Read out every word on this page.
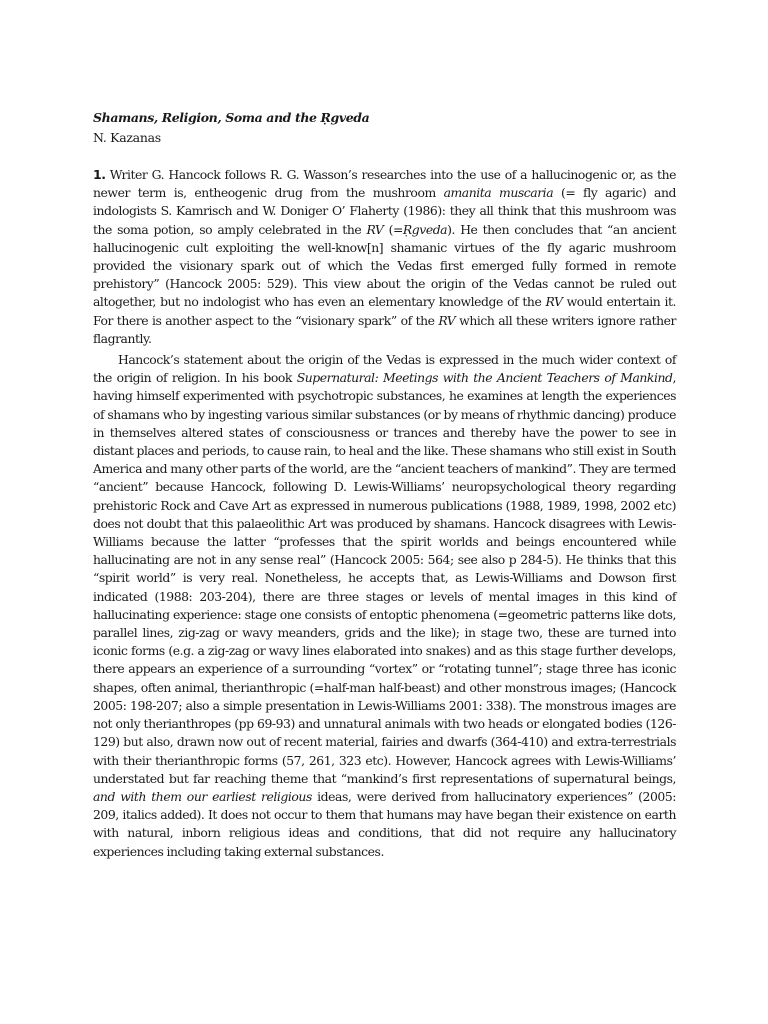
Shamans, Religion, Soma and the Ṛgveda
N. Kazanas

1. Writer G. Hancock follows R. G. Wasson’s researches into the use of a hallucinogenic or, as the newer term is, entheogenic drug from the mushroom amanita muscaria (= fly agaric) and indologists S. Kamrisch and W. Doniger O’ Flaherty (1986): they all think that this mushroom was the soma potion, so amply celebrated in the RV (=Ṛgveda). He then concludes that “an ancient hallucinogenic cult exploiting the well-know[n] shamanic virtues of the fly agaric mushroom provided the visionary spark out of which the Vedas first emerged fully formed in remote prehistory” (Hancock 2005: 529). This view about the origin of the Vedas cannot be ruled out altogether, but no indologist who has even an elementary knowledge of the RV would entertain it. For there is another aspect to the “visionary spark” of the RV which all these writers ignore rather flagrantly.

Hancock’s statement about the origin of the Vedas is expressed in the much wider context of the origin of religion. In his book Supernatural: Meetings with the Ancient Teachers of Mankind, having himself experimented with psychotropic substances, he examines at length the experiences of shamans who by ingesting various similar substances (or by means of rhythmic dancing) produce in themselves altered states of consciousness or trances and thereby have the power to see in distant places and periods, to cause rain, to heal and the like. These shamans who still exist in South America and many other parts of the world, are the “ancient teachers of mankind”. They are termed “ancient” because Hancock, following D. Lewis-Williams’ neuropsychological theory regarding prehistoric Rock and Cave Art as expressed in numerous publications (1988, 1989, 1998, 2002 etc) does not doubt that this palaeolithic Art was produced by shamans. Hancock disagrees with Lewis-Williams because the latter “professes that the spirit worlds and beings encountered while hallucinating are not in any sense real” (Hancock 2005: 564; see also p 284-5). He thinks that this “spirit world” is very real. Nonetheless, he accepts that, as Lewis-Williams and Dowson first indicated (1988: 203-204), there are three stages or levels of mental images in this kind of hallucinating experience: stage one consists of entoptic phenomena (=geometric patterns like dots, parallel lines, zig-zag or wavy meanders, grids and the like); in stage two, these are turned into iconic forms (e.g. a zig-zag or wavy lines elaborated into snakes) and as this stage further develops, there appears an experience of a surrounding “vortex” or “rotating tunnel”; stage three has iconic shapes, often animal, therianthropic (=half-man half-beast) and other monstrous images; (Hancock 2005: 198-207; also a simple presentation in Lewis-Williams 2001: 338). The monstrous images are not only therianthropes (pp 69-93) and unnatural animals with two heads or elongated bodies (126-129) but also, drawn now out of recent material, fairies and dwarfs (364-410) and extra-terrestrials with their therianthropic forms (57, 261, 323 etc). However, Hancock agrees with Lewis-Williams’ understated but far reaching theme that “mankind’s first representations of supernatural beings, and with them our earliest religious ideas, were derived from hallucinatory experiences” (2005: 209, italics added). It does not occur to them that humans may have began their existence on earth with natural, inborn religious ideas and conditions, that did not require any hallucinatory experiences including taking external substances.
